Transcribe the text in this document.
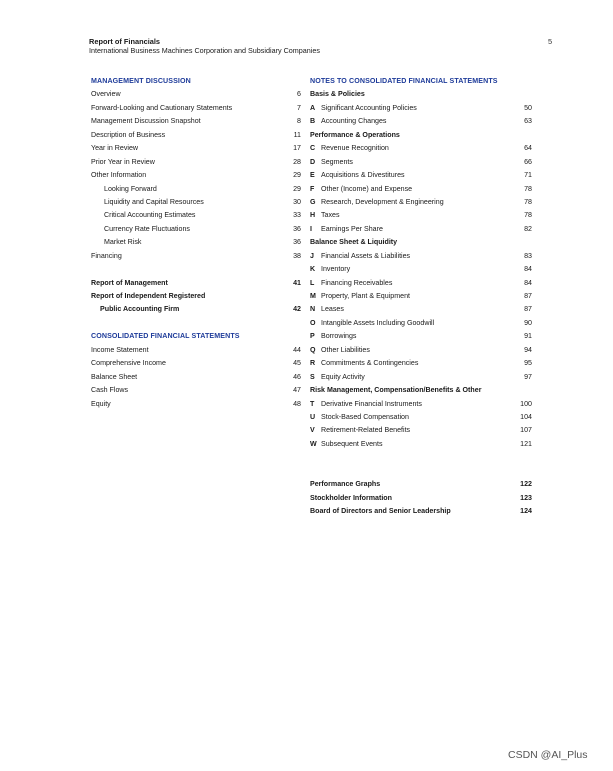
Report of Financials
International Business Machines Corporation and Subsidiary Companies
5
MANAGEMENT DISCUSSION
Overview	6
Forward-Looking and Cautionary Statements	7
Management Discussion Snapshot	8
Description of Business	11
Year in Review	17
Prior Year in Review	28
Other Information	29
Looking Forward	29
Liquidity and Capital Resources	30
Critical Accounting Estimates	33
Currency Rate Fluctuations	36
Market Risk	36
Financing	38
Report of Management	41
Report of Independent Registered
Public Accounting Firm	42
CONSOLIDATED FINANCIAL STATEMENTS
Income Statement	44
Comprehensive Income	45
Balance Sheet	46
Cash Flows	47
Equity	48
NOTES TO CONSOLIDATED FINANCIAL STATEMENTS
Basis & Policies
A Significant Accounting Policies	50
B Accounting Changes	63
Performance & Operations
C Revenue Recognition	64
D Segments	66
E Acquisitions & Divestitures	71
F Other (Income) and Expense	78
G Research, Development & Engineering	78
H Taxes	78
I Earnings Per Share	82
Balance Sheet & Liquidity
J Financial Assets & Liabilities	83
K Inventory	84
L Financing Receivables	84
M Property, Plant & Equipment	87
N Leases	87
O Intangible Assets Including Goodwill	90
P Borrowings	91
Q Other Liabilities	94
R Commitments & Contingencies	95
S Equity Activity	97
Risk Management, Compensation/Benefits & Other
T Derivative Financial Instruments	100
U Stock-Based Compensation	104
V Retirement-Related Benefits	107
W Subsequent Events	121
Performance Graphs	122
Stockholder Information	123
Board of Directors and Senior Leadership	124
CSDN @AI_Plus
